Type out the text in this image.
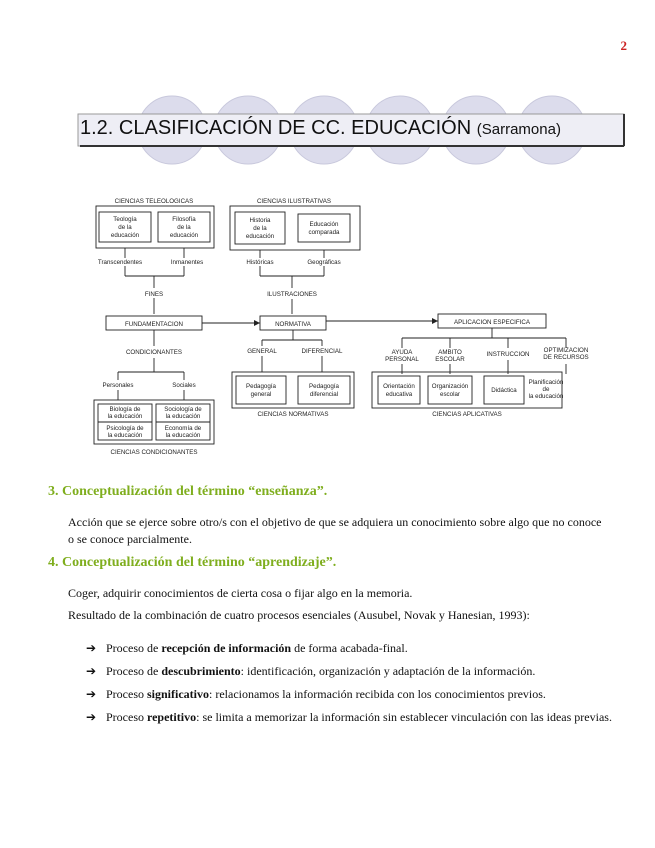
2
1.2. CLASIFICACIÓN DE CC. EDUCACIÓN (Sarramona)
CIENCIAS TELEOLOGICAS
Teología
de la
educación
Filosofía
de la
educación
Transcendentes	Inmanentes
FINES
CIENCIAS ILUSTRATIVAS
Historia
de la
educación
Educación
comparada
Históricas	Geográficas
ILUSTRACIONES
FUNDAMENTACION	NORMATIVA	APLICACION ESPECIFICA
CONDICIONANTES
Personales	Sociales
Biología de
la educación
Psicología de
la educación
Sociología de
la educación
Economía de
la educación
CIENCIAS CONDICIONANTES
GENERAL	DIFERENCIAL
Pedagogía
general
Pedagogía
diferencial
CIENCIAS NORMATIVAS
AYUDA
PERSONAL
AMBITO
ESCOLAR
INSTRUCCION
OPTIMIZACION
DE RECURSOS
Orientación
educativa
Organización
escolar
Didáctica
Planificación
de
la educación
CIENCIAS APLICATIVAS
3. Conceptualización del término “enseñanza”.
Acción que se ejerce sobre otro/s con el objetivo de que se adquiera un conocimiento sobre algo que no conoce o se conoce parcialmente.
4. Conceptualización del término “aprendizaje”.
Coger, adquirir conocimientos de cierta cosa o fijar algo en la memoria.
Resultado de la combinación de cuatro procesos esenciales (Ausubel, Novak y Hanesian, 1993):
➔ Proceso de recepción de información de forma acabada-final.
➔ Proceso de descubrimiento: identificación, organización y adaptación de la información.
➔ Proceso significativo: relacionamos la información recibida con los conocimientos previos.
➔ Proceso repetitivo: se limita a memorizar la información sin establecer vinculación con las ideas previas.
